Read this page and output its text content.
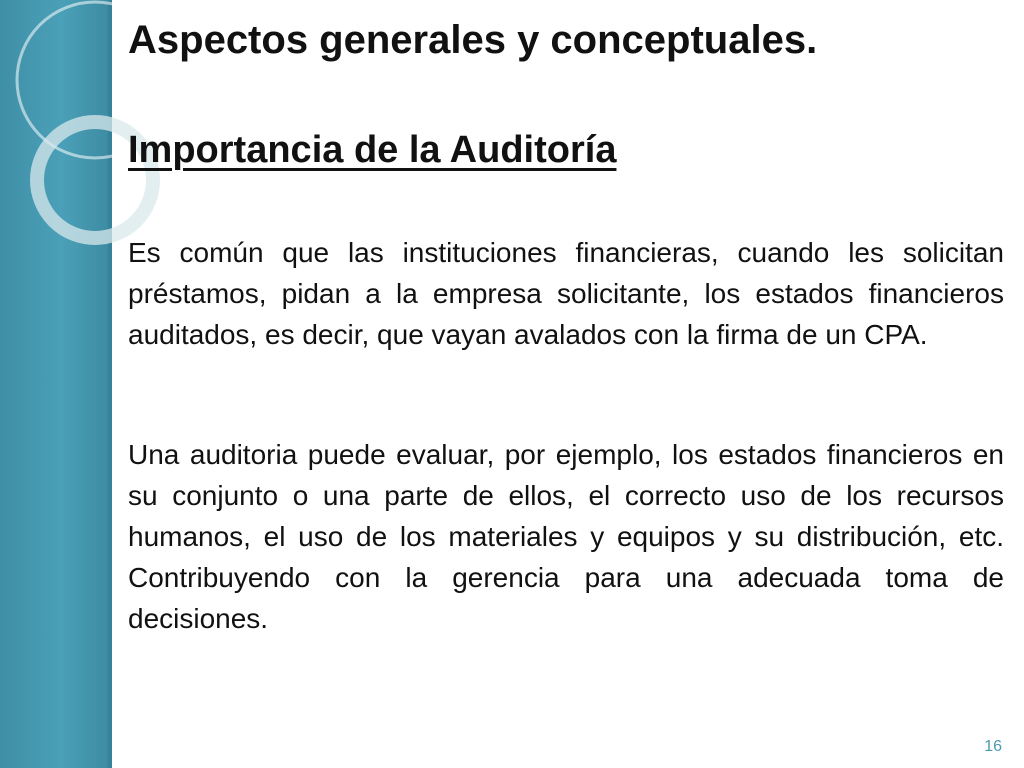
Aspectos generales y conceptuales.
Importancia de la Auditoría

Es común que las instituciones financieras, cuando les solicitan préstamos, pidan a la empresa solicitante, los estados financieros auditados, es decir, que vayan avalados con la firma de un CPA.

Una auditoria puede evaluar, por ejemplo, los estados financieros en su conjunto o una parte de ellos, el correcto uso de los recursos humanos, el uso de los materiales y equipos y su distribución, etc. Contribuyendo con la gerencia para una adecuada toma de decisiones.

16
